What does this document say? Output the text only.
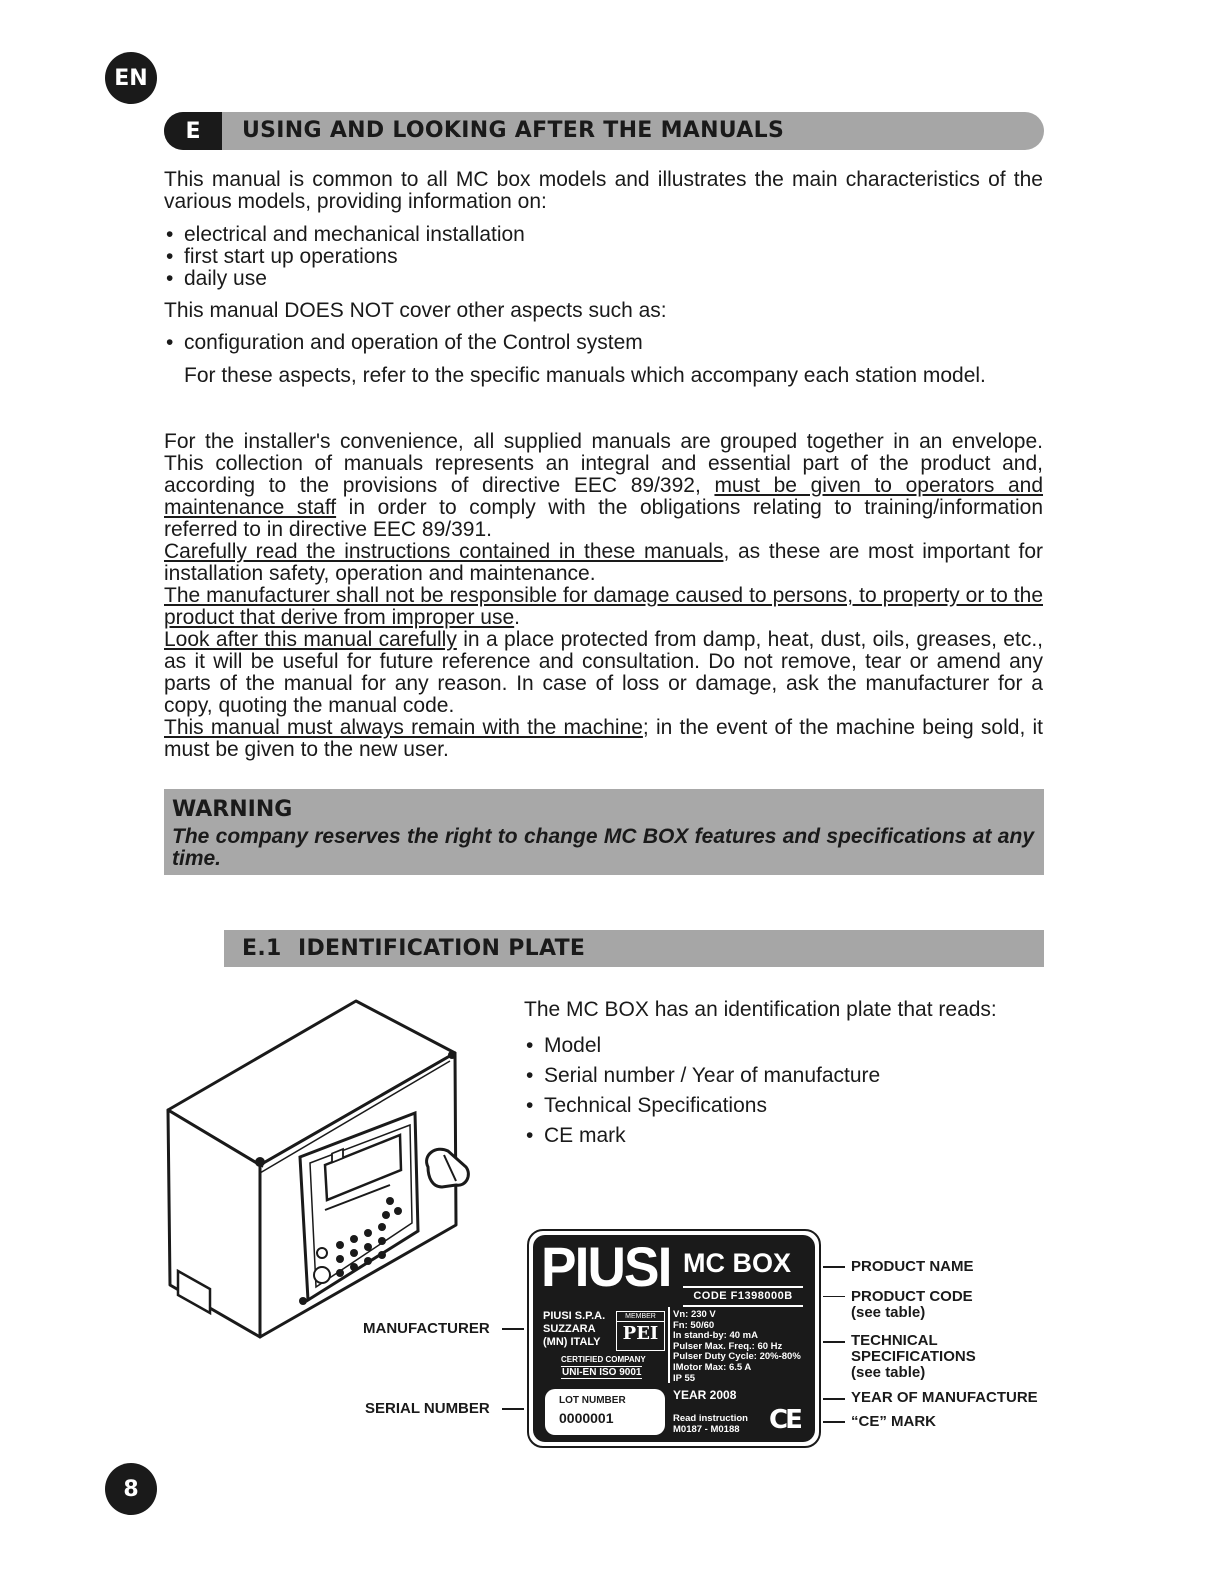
EN
E	USING AND LOOKING AFTER THE MANUALS
This manual is common to all MC box models and illustrates the main characteristics of the various models, providing information on:
• electrical and mechanical installation
• first start up operations
• daily use
This manual DOES NOT cover other aspects such as:
• configuration and operation of the Control system
For these aspects, refer to the specific manuals which accompany each station model.
For the installer's convenience, all supplied manuals are grouped together in an envelope. This collection of manuals represents an integral and essential part of the product and, according to the provisions of directive EEC 89/392, must be given to operators and maintenance staff in order to comply with the obligations relating to training/information referred to in directive EEC 89/391.
Carefully read the instructions contained in these manuals, as these are most important for installation safety, operation and maintenance.
The manufacturer shall not be responsible for damage caused to persons, to property or to the product that derive from improper use.
Look after this manual carefully in a place protected from damp, heat, dust, oils, greases, etc., as it will be useful for future reference and consultation. Do not remove, tear or amend any parts of the manual for any reason. In case of loss or damage, ask the manufacturer for a copy, quoting the manual code.
This manual must always remain with the machine; in the event of the machine being sold, it must be given to the new user.
WARNING
The company reserves the right to change MC BOX features and specifications at any time.
E.1 IDENTIFICATION PLATE
The MC BOX has an identification plate that reads:
• Model
• Serial number / Year of manufacture
• Technical Specifications
• CE mark
MANUFACTURER
SERIAL NUMBER
PIUSI MC BOX
CODE F1398000B
PIUSI S.P.A.
SUZZARA
(MN) ITALY
MEMBER
PEI
CERTIFIED COMPANY
UNI-EN ISO 9001
Vn: 230 V
Fn: 50/60
In stand-by: 40 mA
Pulser Max. Freq.: 60 Hz
Pulser Duty Cycle: 20%-80%
IMotor Max: 6.5 A
IP 55
LOT NUMBER
0000001
YEAR 2008
Read instruction
M0187 - M0188	CE
PRODUCT NAME
PRODUCT CODE
(see table)
TECHNICAL
SPECIFICATIONS
(see table)
YEAR OF MANUFACTURE
“CE” MARK
8
